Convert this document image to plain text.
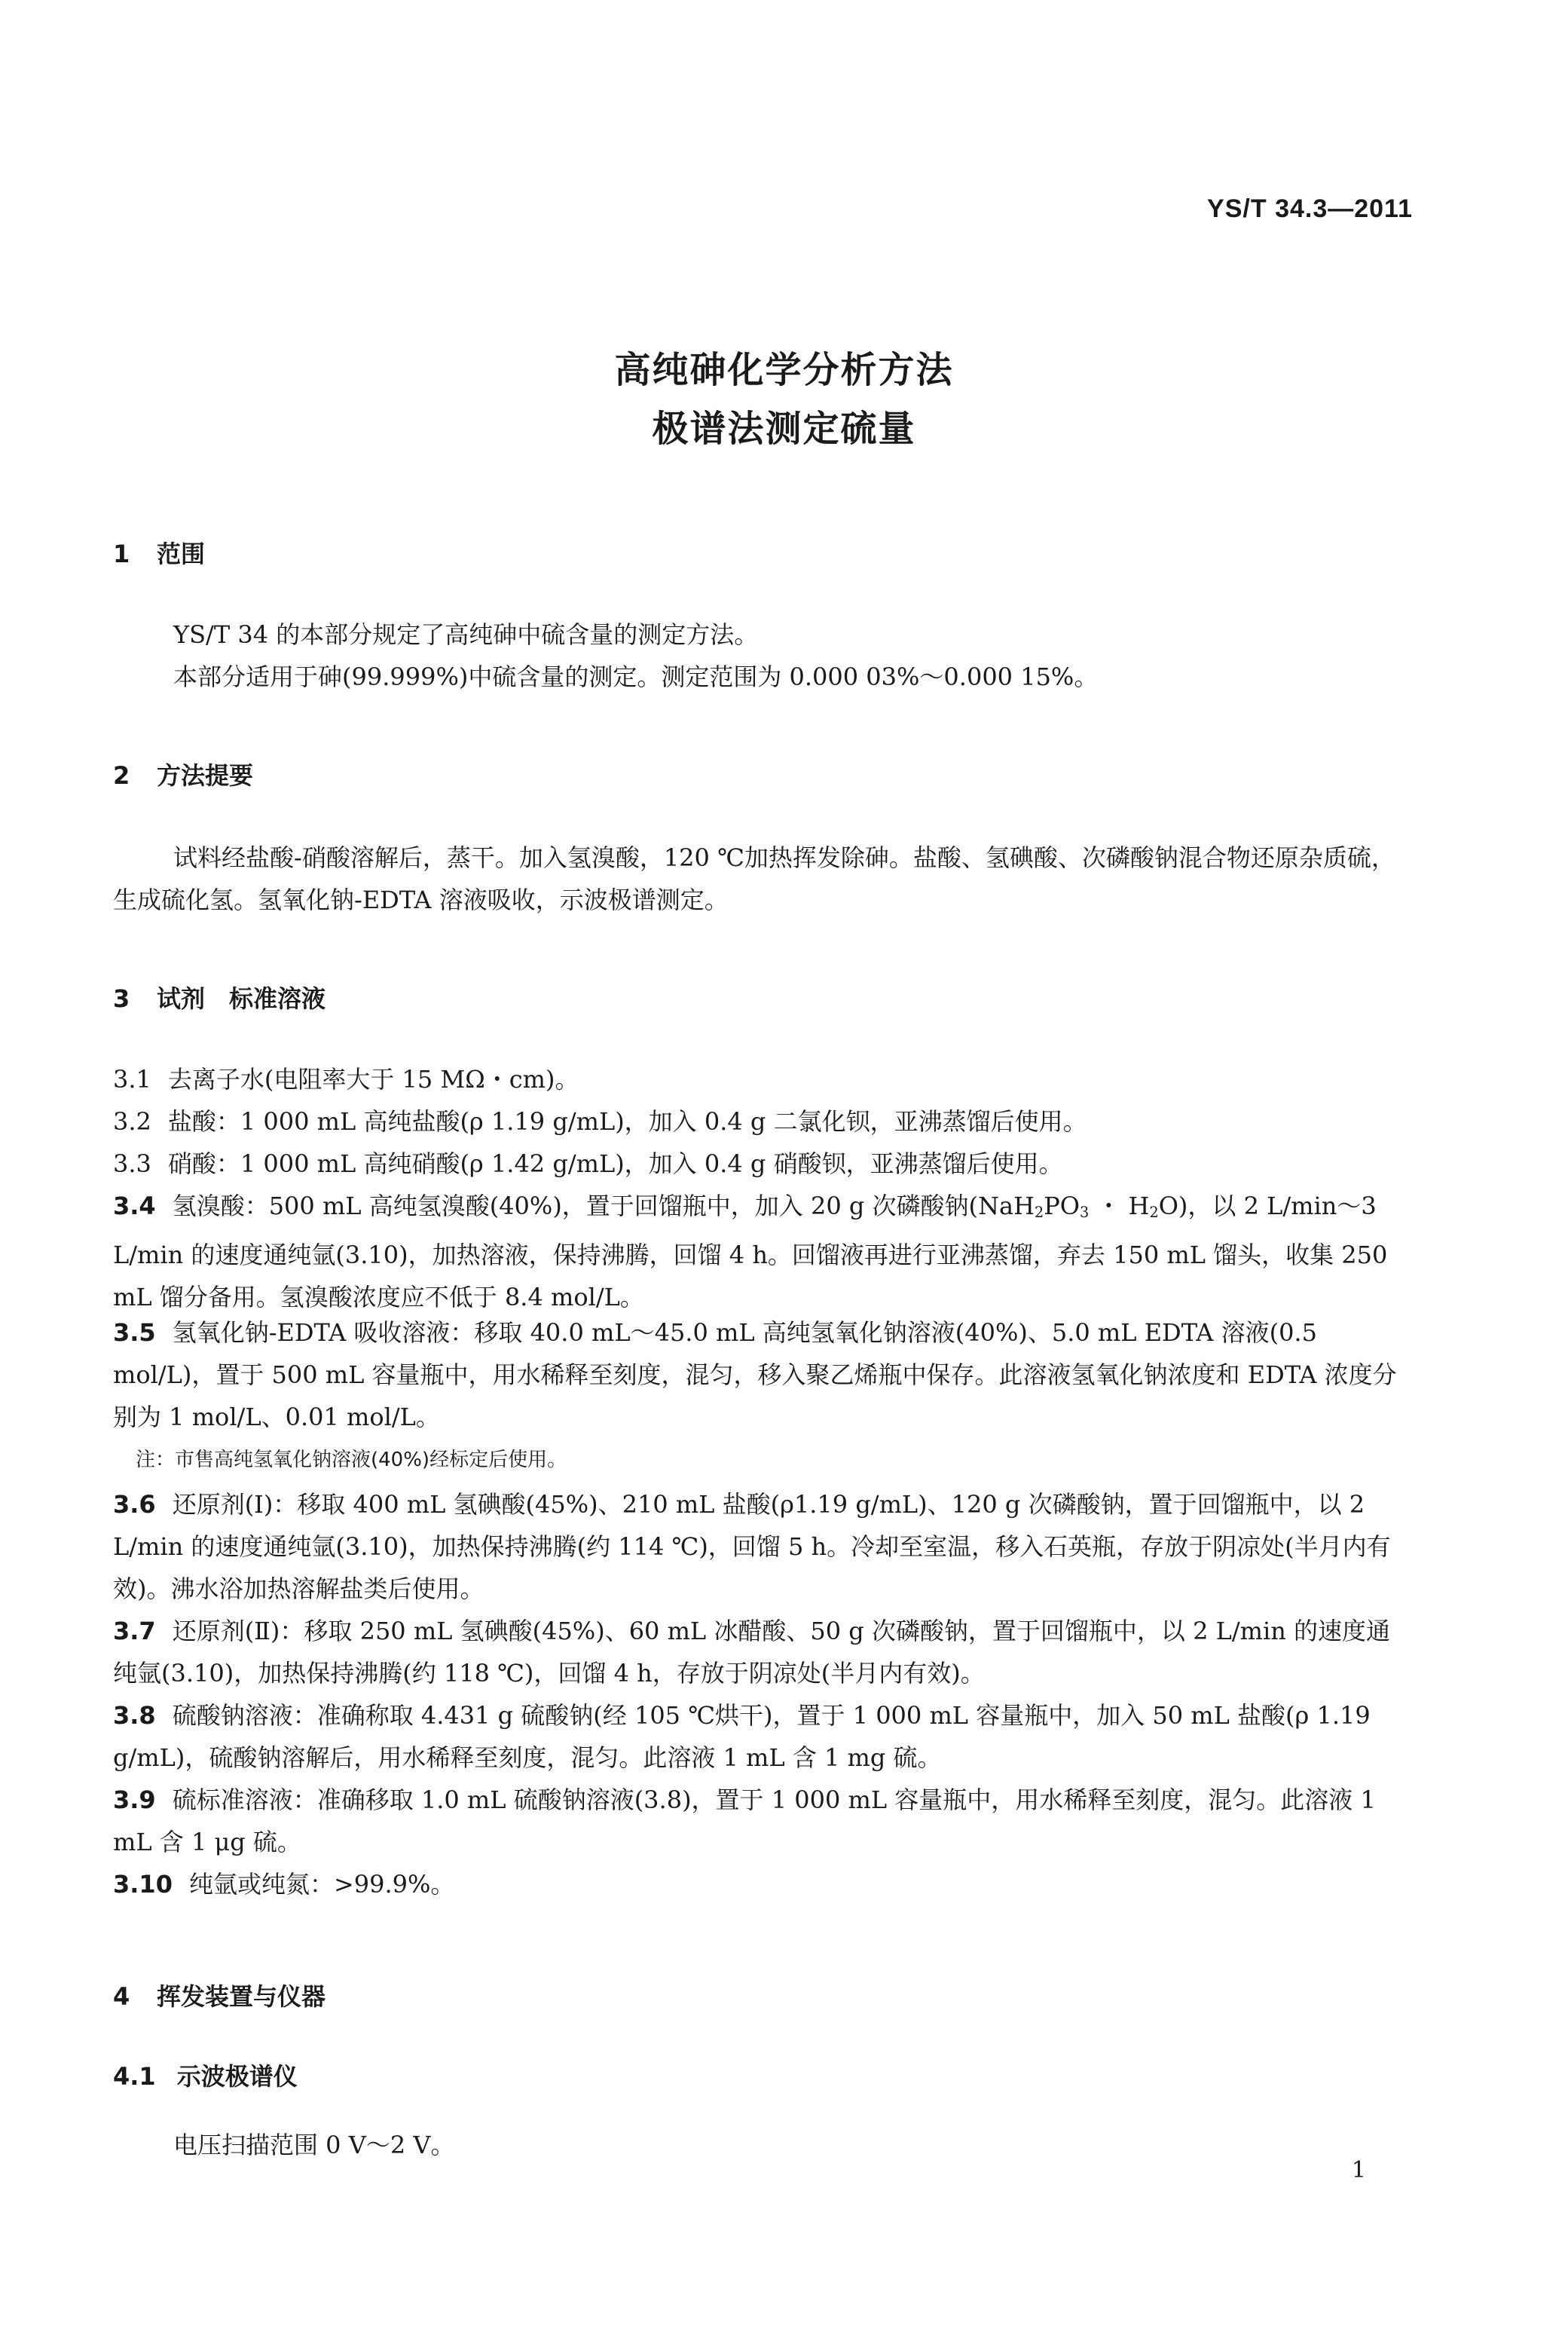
YS/T 34.3—2011
高纯砷化学分析方法
极谱法测定硫量
1 范围
YS/T 34 的本部分规定了高纯砷中硫含量的测定方法。
本部分适用于砷(99.999%)中硫含量的测定。测定范围为 0.000 03%～0.000 15%。
2 方法提要
试料经盐酸-硝酸溶解后，蒸干。加入氢溴酸，120 ℃加热挥发除砷。盐酸、氢碘酸、次磷酸钠混合物还原杂质硫，生成硫化氢。氢氧化钠-EDTA 溶液吸收，示波极谱测定。
3 试剂　标准溶液
3.1 去离子水(电阻率大于 15 MΩ・cm)。
3.2 盐酸：1 000 mL 高纯盐酸(ρ 1.19 g/mL)，加入 0.4 g 二氯化钡，亚沸蒸馏后使用。
3.3 硝酸：1 000 mL 高纯硝酸(ρ 1.42 g/mL)，加入 0.4 g 硝酸钡，亚沸蒸馏后使用。
3.4 氢溴酸：500 mL 高纯氢溴酸(40%)，置于回馏瓶中，加入 20 g 次磷酸钠($NaH_2PO_3$ ・ $H_2O$)，以 2 L/min～3 L/min 的速度通纯氩(3.10)，加热溶液，保持沸腾，回馏 4 h。回馏液再进行亚沸蒸馏，弃去 150 mL 馏头，收集 250 mL 馏分备用。氢溴酸浓度应不低于 8.4 mol/L。
3.5 氢氧化钠-EDTA 吸收溶液：移取 40.0 mL～45.0 mL 高纯氢氧化钠溶液(40%)、5.0 mL EDTA 溶液(0.5 mol/L)，置于 500 mL 容量瓶中，用水稀释至刻度，混匀，移入聚乙烯瓶中保存。此溶液氢氧化钠浓度和 EDTA 浓度分别为 1 mol/L、0.01 mol/L。
注：市售高纯氢氧化钠溶液(40%)经标定后使用。
3.6 还原剂(Ⅰ)：移取 400 mL 氢碘酸(45%)、210 mL 盐酸(ρ1.19 g/mL)、120 g 次磷酸钠，置于回馏瓶中，以 2 L/min 的速度通纯氩(3.10)，加热保持沸腾(约 114 ℃)，回馏 5 h。冷却至室温，移入石英瓶，存放于阴凉处(半月内有效)。沸水浴加热溶解盐类后使用。
3.7 还原剂(Ⅱ)：移取 250 mL 氢碘酸(45%)、60 mL 冰醋酸、50 g 次磷酸钠，置于回馏瓶中，以 2 L/min 的速度通纯氩(3.10)，加热保持沸腾(约 118 ℃)，回馏 4 h，存放于阴凉处(半月内有效)。
3.8 硫酸钠溶液：准确称取 4.431 g 硫酸钠(经 105 ℃烘干)，置于 1 000 mL 容量瓶中，加入 50 mL 盐酸(ρ 1.19 g/mL)，硫酸钠溶解后，用水稀释至刻度，混匀。此溶液 1 mL 含 1 mg 硫。
3.9 硫标准溶液：准确移取 1.0 mL 硫酸钠溶液(3.8)，置于 1 000 mL 容量瓶中，用水稀释至刻度，混匀。此溶液 1 mL 含 1 μg 硫。
3.10 纯氩或纯氮：>99.9%。
4 挥发装置与仪器
4.1 示波极谱仪
电压扫描范围 0 V～2 V。
1
